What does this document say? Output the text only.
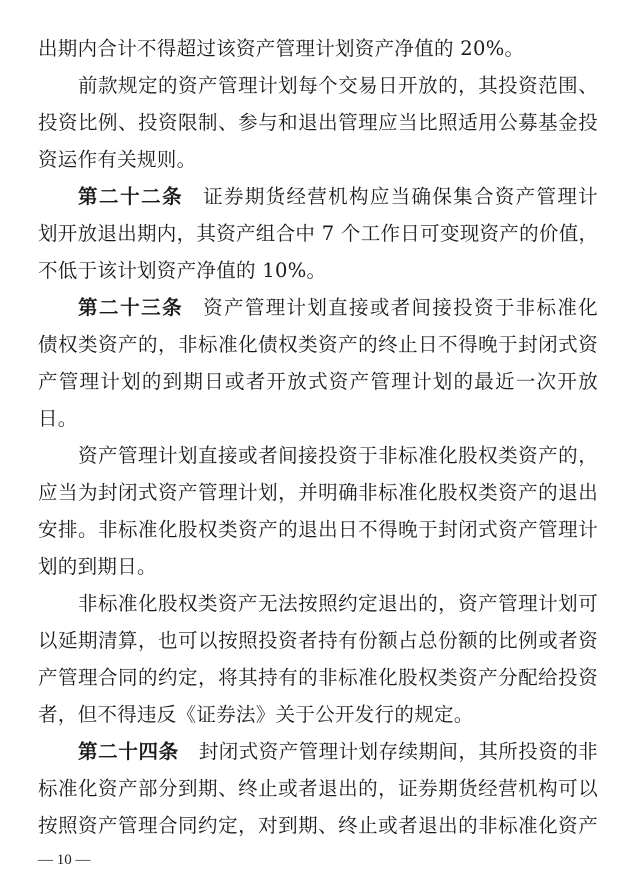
出期内合计不得超过该资产管理计划资产净值的 20%。
前款规定的资产管理计划每个交易日开放的，其投资范围、
投资比例、投资限制、参与和退出管理应当比照适用公募基金投
资运作有关规则。
第二十二条 证券期货经营机构应当确保集合资产管理计
划开放退出期内，其资产组合中 7 个工作日可变现资产的价值，
不低于该计划资产净值的 10%。
第二十三条 资产管理计划直接或者间接投资于非标准化
债权类资产的，非标准化债权类资产的终止日不得晚于封闭式资
产管理计划的到期日或者开放式资产管理计划的最近一次开放
日。
资产管理计划直接或者间接投资于非标准化股权类资产的，
应当为封闭式资产管理计划，并明确非标准化股权类资产的退出
安排。非标准化股权类资产的退出日不得晚于封闭式资产管理计
划的到期日。
非标准化股权类资产无法按照约定退出的，资产管理计划可
以延期清算，也可以按照投资者持有份额占总份额的比例或者资
产管理合同的约定，将其持有的非标准化股权类资产分配给投资
者，但不得违反《证券法》关于公开发行的规定。
第二十四条 封闭式资产管理计划存续期间，其所投资的非
标准化资产部分到期、终止或者退出的，证券期货经营机构可以
按照资产管理合同约定，对到期、终止或者退出的非标准化资产
— 10 —
